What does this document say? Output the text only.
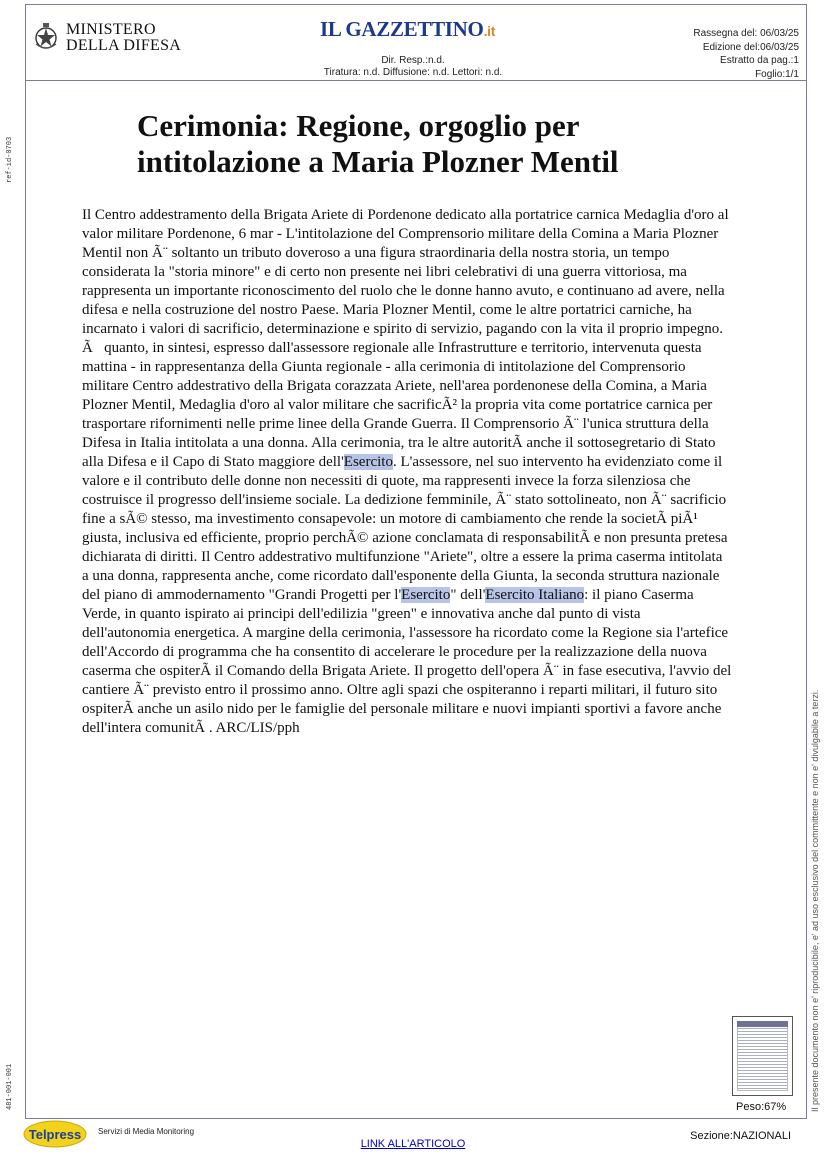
MINISTERO
DELLA DIFESA
IL GAZZETTINO.it
Dir. Resp.:n.d.
Tiratura: n.d. Diffusione: n.d. Lettori: n.d.
Rassegna del: 06/03/25
Edizione del:06/03/25
Estratto da pag.:1
Foglio:1/1
ref-id-0703
481-001-001	Il presente documento non e' riproducibile, e' ad uso esclusivo del committente e non e' divulgabile a terzi.
Cerimonia: Regione, orgoglio per
intitolazione a Maria Plozner Mentil
Il Centro addestramento della Brigata Ariete di Pordenone dedicato alla portatrice carnica Medaglia d'oro al valor militare Pordenone, 6 mar - L'intitolazione del Comprensorio militare della Comina a Maria Plozner Mentil non Ã¨ soltanto un tributo doveroso a una figura straordinaria della nostra storia, un tempo considerata la "storia minore" e di certo non presente nei libri celebrativi di una guerra vittoriosa, ma rappresenta un importante riconoscimento del ruolo che le donne hanno avuto, e continuano ad avere, nella difesa e nella costruzione del nostro Paese. Maria Plozner Mentil, come le altre portatrici carniche, ha incarnato i valori di sacrificio, determinazione e spirito di servizio, pagando con la vita il proprio impegno. Ã  quanto, in sintesi, espresso dall'assessore regionale alle Infrastrutture e territorio, intervenuta questa mattina - in rappresentanza della Giunta regionale - alla cerimonia di intitolazione del Comprensorio militare Centro addestrativo della Brigata corazzata Ariete, nell'area pordenonese della Comina, a Maria Plozner Mentil, Medaglia d'oro al valor militare che sacrificÃ² la propria vita come portatrice carnica per trasportare rifornimenti nelle prime linee della Grande Guerra. Il Comprensorio Ã¨ l'unica struttura della Difesa in Italia intitolata a una donna. Alla cerimonia, tra le altre autoritÃ anche il sottosegretario di Stato alla Difesa e il Capo di Stato maggiore dell'Esercito. L'assessore, nel suo intervento ha evidenziato come il valore e il contributo delle donne non necessiti di quote, ma rappresenti invece la forza silenziosa che costruisce il progresso dell'insieme sociale. La dedizione femminile, Ã¨ stato sottolineato, non Ã¨ sacrificio fine a sÃ© stesso, ma investimento consapevole: un motore di cambiamento che rende la societÃ piÃ¹ giusta, inclusiva ed efficiente, proprio perchÃ© azione conclamata di responsabilitÃ e non presunta pretesa dichiarata di diritti. Il Centro addestrativo multifunzione "Ariete", oltre a essere la prima caserma intitolata a una donna, rappresenta anche, come ricordato dall'esponente della Giunta, la seconda struttura nazionale del piano di ammodernamento "Grandi Progetti per l'Esercito" dell'Esercito Italiano: il piano Caserma Verde, in quanto ispirato ai principi dell'edilizia "green" e innovativa anche dal punto di vista dell'autonomia energetica. A margine della cerimonia, l'assessore ha ricordato come la Regione sia l'artefice dell'Accordo di programma che ha consentito di accelerare le procedure per la realizzazione della nuova caserma che ospiterÃ il Comando della Brigata Ariete. Il progetto dell'opera Ã¨ in fase esecutiva, l'avvio del cantiere Ã¨ previsto entro il prossimo anno. Oltre agli spazi che ospiteranno i reparti militari, il futuro sito ospiterÃ anche un asilo nido per le famiglie del personale militare e nuovi impianti sportivi a favore anche dell'intera comunitÃ . ARC/LIS/pph
Peso:67%
Telpress Servizi di Media Monitoring	Sezione:NAZIONALI
LINK ALL'ARTICOLO
